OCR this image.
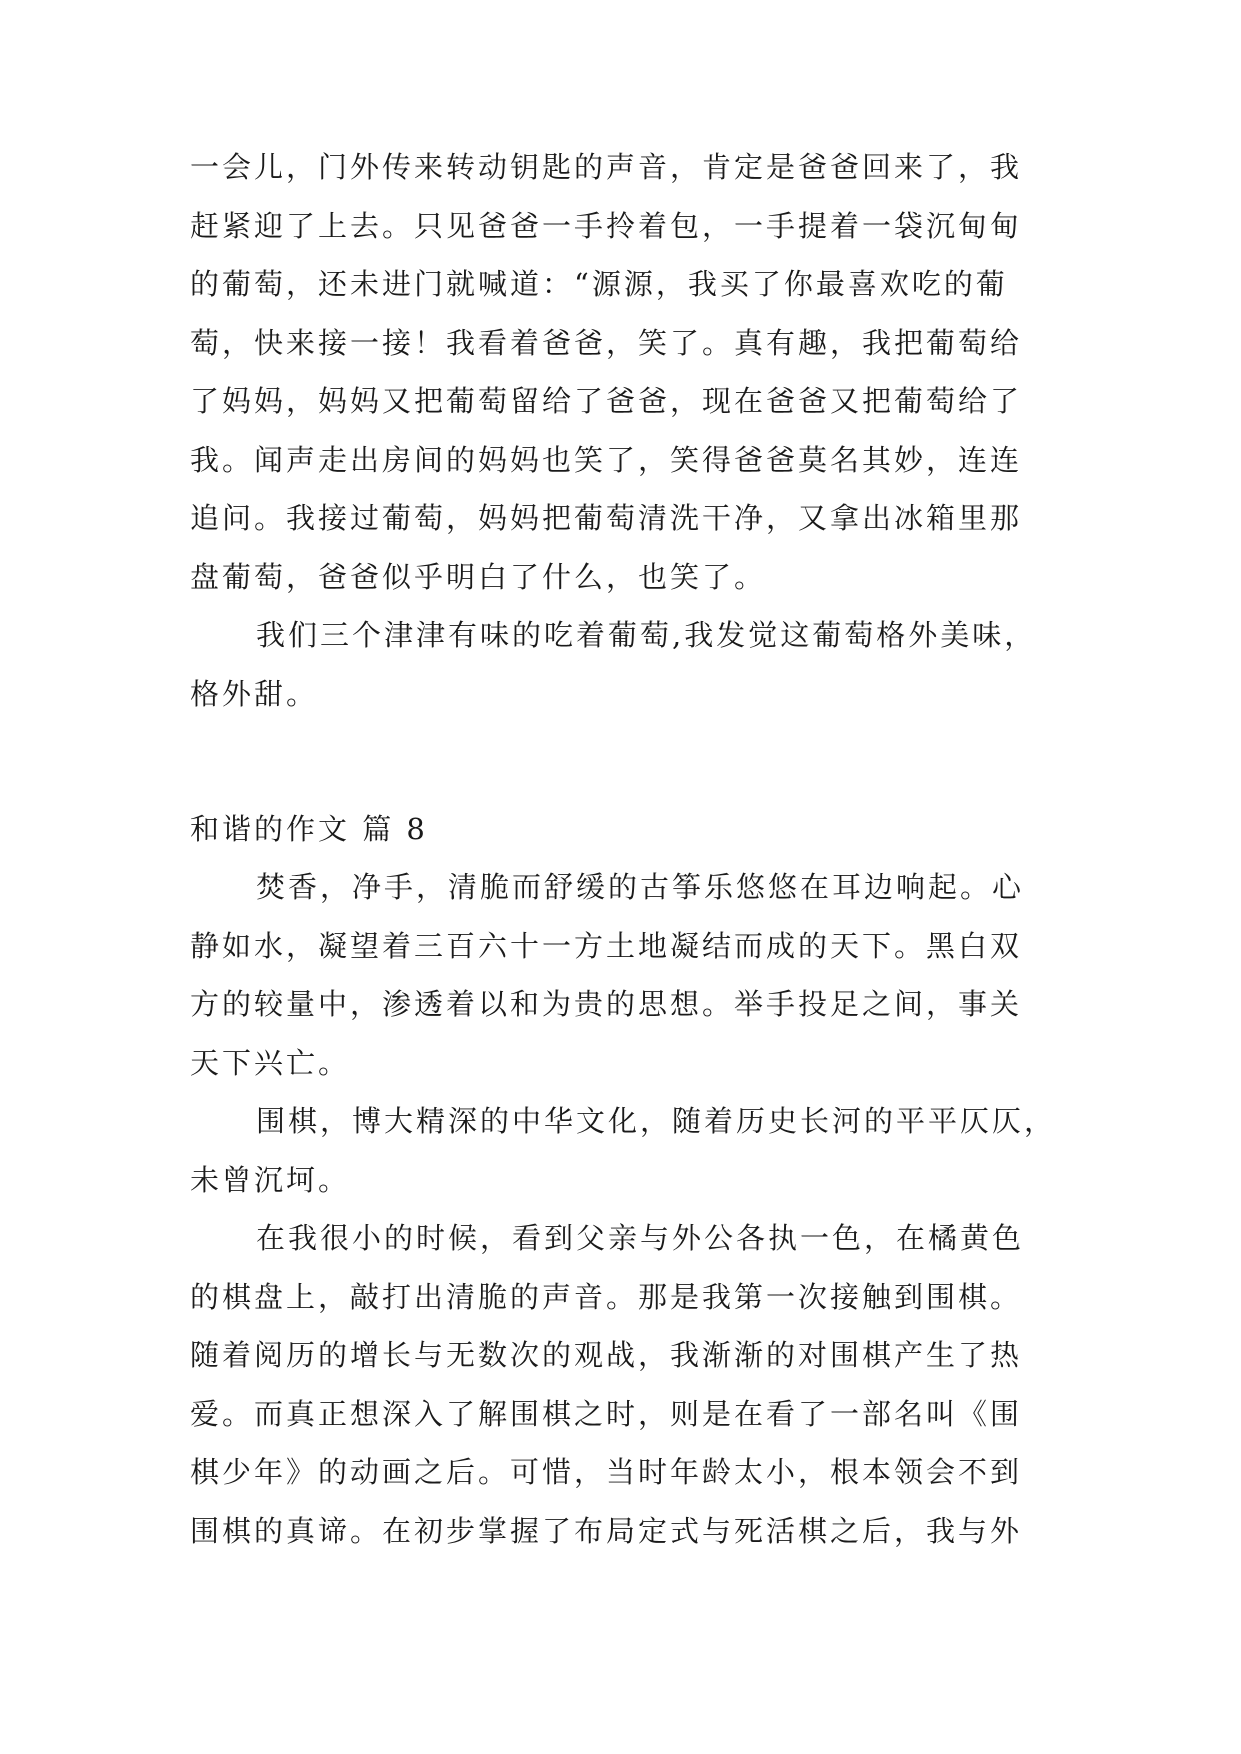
一会儿，门外传来转动钥匙的声音，肯定是爸爸回来了，我
赶紧迎了上去。只见爸爸一手拎着包，一手提着一袋沉甸甸
的葡萄，还未进门就喊道：“源源，我买了你最喜欢吃的葡
萄，快来接一接！我看着爸爸，笑了。真有趣，我把葡萄给
了妈妈，妈妈又把葡萄留给了爸爸，现在爸爸又把葡萄给了
我。闻声走出房间的妈妈也笑了，笑得爸爸莫名其妙，连连
追问。我接过葡萄，妈妈把葡萄清洗干净，又拿出冰箱里那
盘葡萄，爸爸似乎明白了什么，也笑了。
我们三个津津有味的吃着葡萄,我发觉这葡萄格外美味，
格外甜。
和谐的作文 篇 8
焚香，净手，清脆而舒缓的古筝乐悠悠在耳边响起。心
静如水，凝望着三百六十一方土地凝结而成的天下。黑白双
方的较量中，渗透着以和为贵的思想。举手投足之间，事关
天下兴亡。
围棋，博大精深的中华文化，随着历史长河的平平仄仄，
未曾沉坷。
在我很小的时候，看到父亲与外公各执一色，在橘黄色
的棋盘上，敲打出清脆的声音。那是我第一次接触到围棋。
随着阅历的增长与无数次的观战，我渐渐的对围棋产生了热
爱。而真正想深入了解围棋之时，则是在看了一部名叫《围
棋少年》的动画之后。可惜，当时年龄太小，根本领会不到
围棋的真谛。在初步掌握了布局定式与死活棋之后，我与外
